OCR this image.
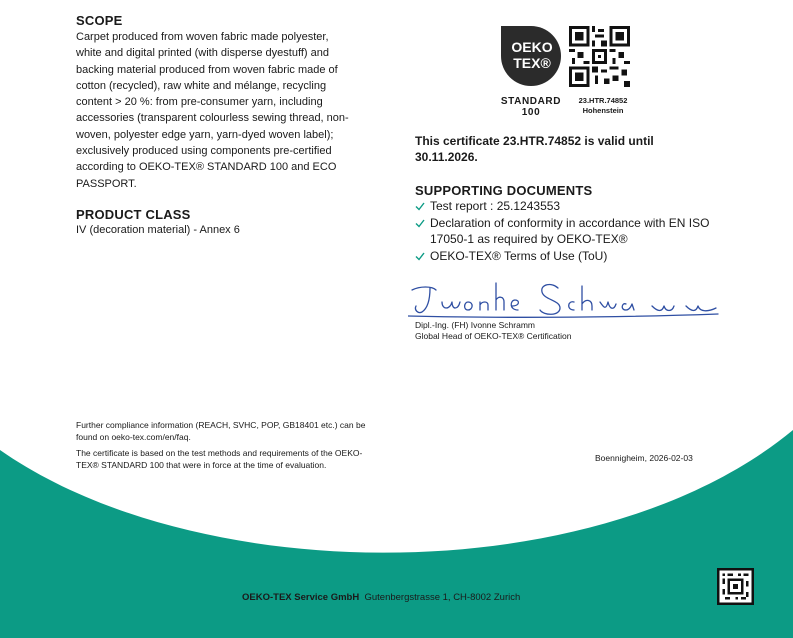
SCOPE
Carpet produced from woven fabric made polyester,
white and digital printed (with disperse dyestuff) and
backing material produced from woven fabric made of
cotton (recycled), raw white and mélange, recycling
content > 20 %: from pre-consumer yarn, including
accessories (transparent colourless sewing thread, non-
woven, polyester edge yarn, yarn-dyed woven label);
exclusively produced using components pre-certified
according to OEKO-TEX® STANDARD 100 and ECO
PASSPORT.
PRODUCT CLASS
IV (decoration material) - Annex 6
OEKO
TEX®
STANDARD
100
23.HTR.74852
Hohenstein
This certificate 23.HTR.74852 is valid until 30.11.2026.
SUPPORTING DOCUMENTS
Test report : 25.1243553
Declaration of conformity in accordance with EN ISO 17050-1 as required by OEKO-TEX®
OEKO-TEX® Terms of Use (ToU)
Dipl.-Ing. (FH) Ivonne Schramm
Global Head of OEKO-TEX® Certification
Further compliance information (REACH, SVHC, POP, GB18401 etc.) can be found on oeko-tex.com/en/faq.
The certificate is based on the test methods and requirements of the OEKO-TEX® STANDARD 100 that were in force at the time of evaluation.
Boennigheim, 2026-02-03
OEKO-TEX Service GmbH Gutenbergstrasse 1, CH-8002 Zurich
